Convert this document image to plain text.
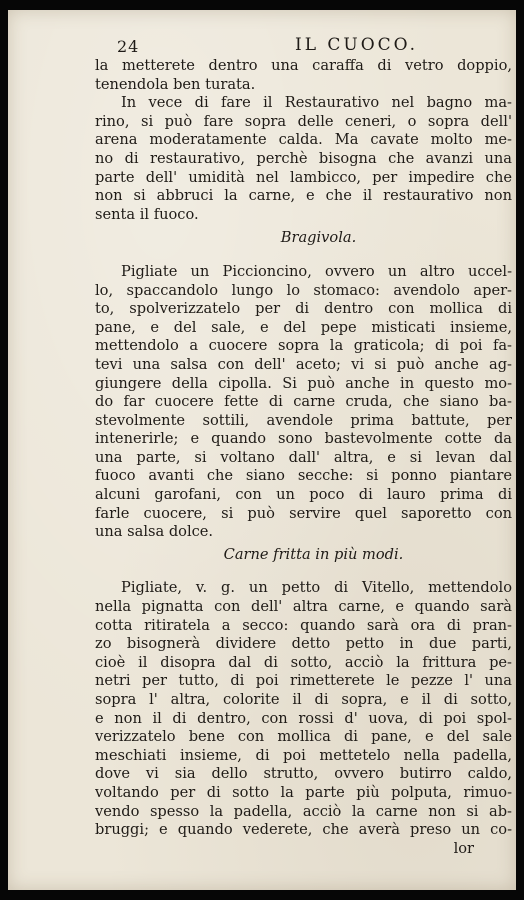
24	IL CUOCO.
la metterete dentro una caraffa di vetro doppio,
tenendola ben turata.
In vece di fare il Restaurativo nel bagno ma-
rino, si può fare sopra delle ceneri, o sopra dell'
arena moderatamente calda. Ma cavate molto me-
no di restaurativo, perchè bisogna che avanzi una
parte dell' umidità nel lambicco, per impedire che
non si abbruci la carne, e che il restaurativo non
senta il fuoco.
Bragivola.
Pigliate un Piccioncino, ovvero un altro uccel-
lo, spaccandolo lungo lo stomaco: avendolo aper-
to, spolverizzatelo per di dentro con mollica di
pane, e del sale, e del pepe misticati insieme,
mettendolo a cuocere sopra la graticola; di poi fa-
tevi una salsa con dell' aceto; vi si può anche ag-
giungere della cipolla. Si può anche in questo mo-
do far cuocere fette di carne cruda, che siano ba-
stevolmente sottili, avendole prima battute, per
intenerirle; e quando sono bastevolmente cotte da
una parte, si voltano dall' altra, e si levan dal
fuoco avanti che siano secche: si ponno piantare
alcuni garofani, con un poco di lauro prima di
farle cuocere, si può servire quel saporetto con
una salsa dolce.
Carne fritta in più modi.
Pigliate, v. g. un petto di Vitello, mettendolo
nella pignatta con dell' altra carne, e quando sarà
cotta ritiratela a secco: quando sarà ora di pran-
zo bisognerà dividere detto petto in due parti,
cioè il disopra dal di sotto, acciò la frittura pe-
netri per tutto, di poi rimetterete le pezze l' una
sopra l' altra, colorite il di sopra, e il di sotto,
e non il di dentro, con rossi d' uova, di poi spol-
verizzatelo bene con mollica di pane, e del sale
meschiati insieme, di poi mettetelo nella padella,
dove vi sia dello strutto, ovvero butirro caldo,
voltando per di sotto la parte più polputa, rimuo-
vendo spesso la padella, acciò la carne non si ab-
bruggi; e quando vederete, che averà preso un co-
lor
